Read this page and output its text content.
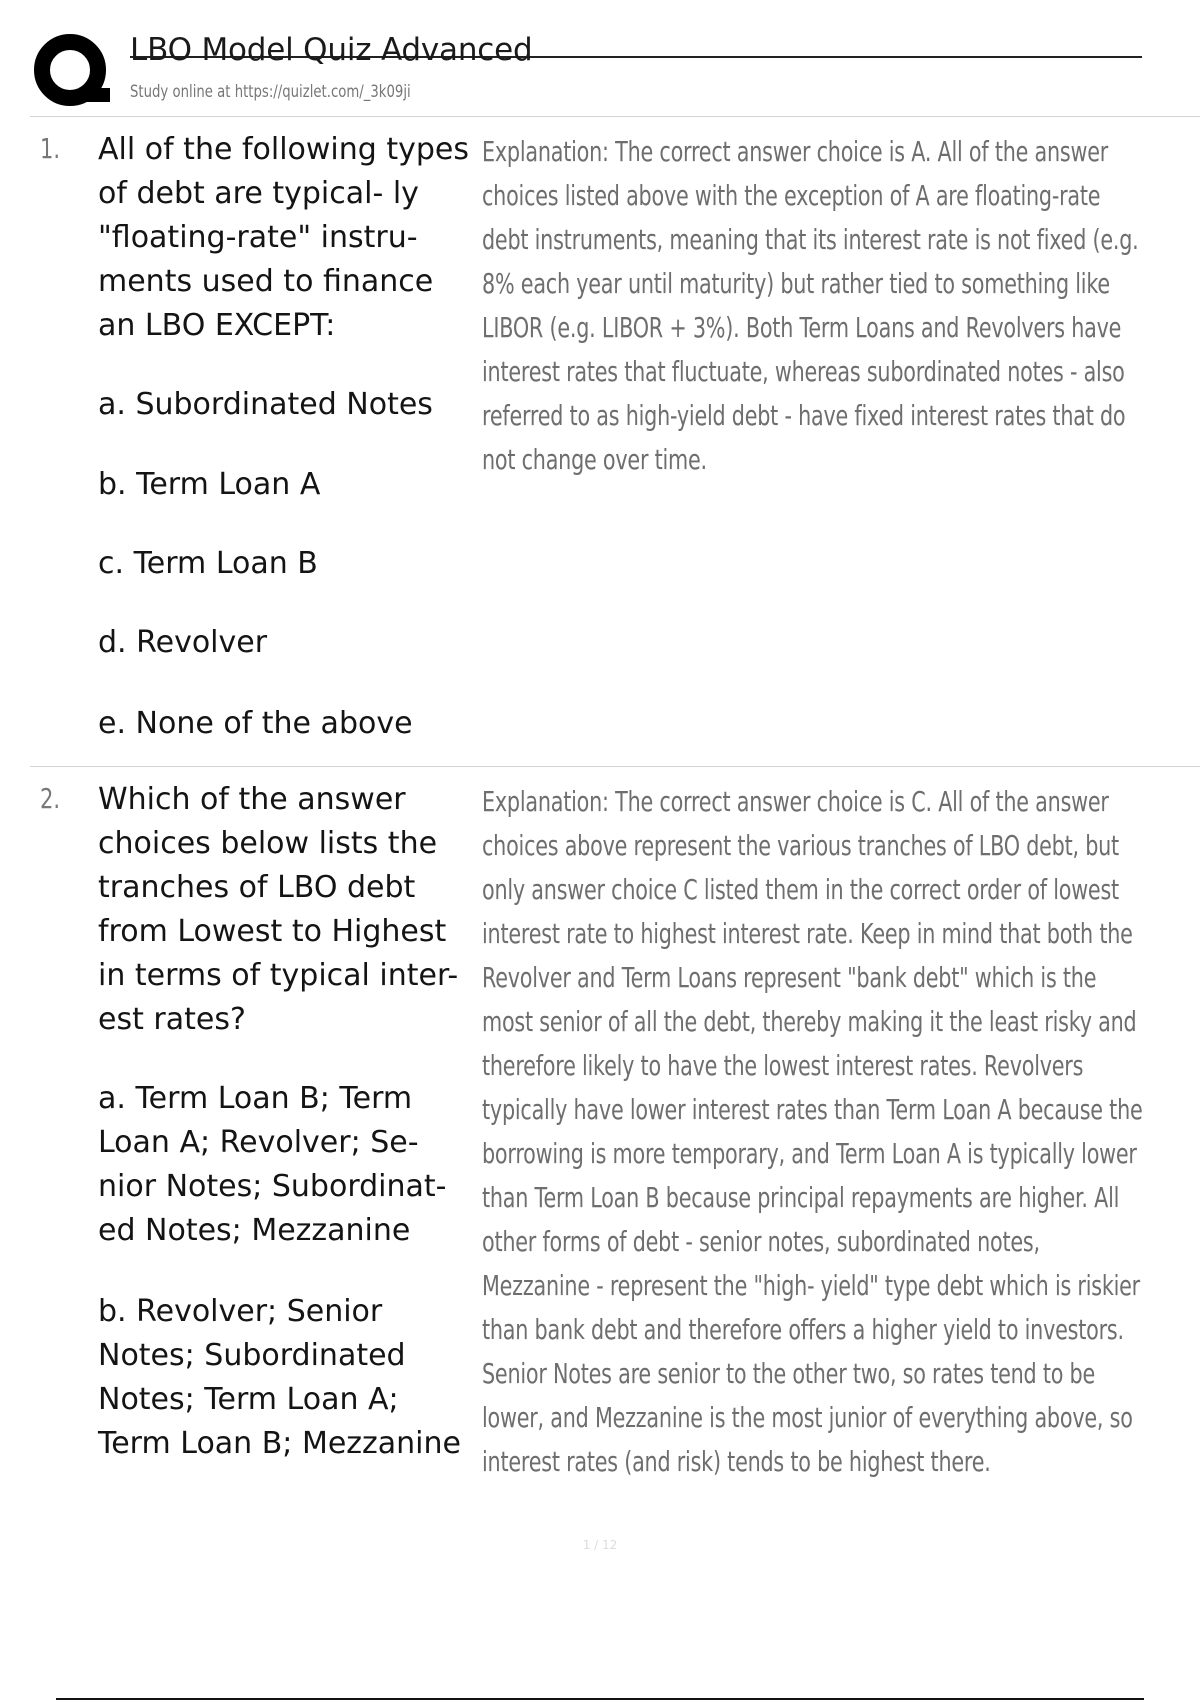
LBO Model Quiz Advanced
Study online at https://quizlet.com/_3k09ji
1. All of the following types of debt are typical- ly "floating-rate" instru- ments used to finance an LBO EXCEPT:
a. Subordinated Notes
b. Term Loan A
c. Term Loan B
d. Revolver
e. None of the above
Explanation: The correct answer choice is A. All of the answer choices listed above with the exception of A are floating-rate debt instruments, meaning that its interest rate is not fixed (e.g. 8% each year until maturity) but rather tied to something like LIBOR (e.g. LIBOR + 3%). Both Term Loans and Revolvers have interest rates that fluctuate, whereas subordinated notes - also referred to as high-yield debt - have fixed interest rates that do not change over time.
2. Which of the answer choices below lists the tranches of LBO debt from Lowest to Highest in terms of typical inter- est rates?
a. Term Loan B; Term Loan A; Revolver; Se- nior Notes; Subordinat- ed Notes; Mezzanine
b. Revolver; Senior Notes; Subordinated Notes; Term Loan A; Term Loan B; Mezzanine
Explanation: The correct answer choice is C. All of the answer choices above represent the various tranches of LBO debt, but only answer choice C listed them in the correct order of lowest interest rate to highest interest rate. Keep in mind that both the Revolver and Term Loans represent "bank debt" which is the most senior of all the debt, thereby making it the least risky and therefore likely to have the lowest interest rates. Revolvers typically have lower interest rates than Term Loan A because the borrowing is more temporary, and Term Loan A is typically lower than Term Loan B because principal repayments are higher. All other forms of debt - senior notes, subordinated notes, Mezzanine - represent the "high- yield" type debt which is riskier than bank debt and therefore offers a higher yield to investors. Senior Notes are senior to the other two, so rates tend to be lower, and Mezzanine is the most junior of everything above, so interest rates (and risk) tends to be highest there.
1 / 12
